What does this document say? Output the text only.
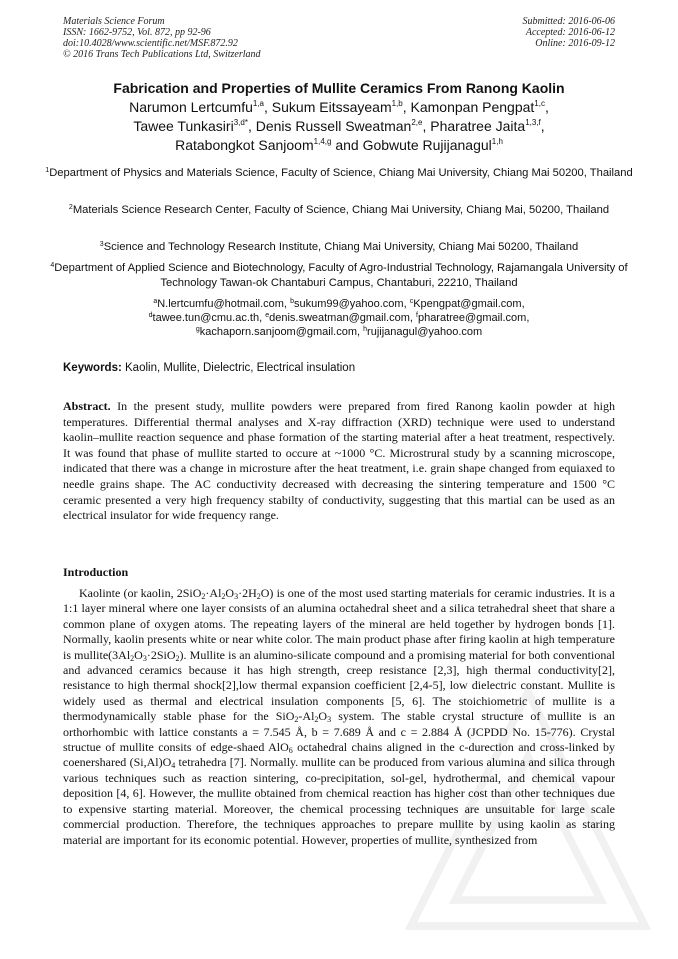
Materials Science Forum
ISSN: 1662-9752, Vol. 872, pp 92-96
doi:10.4028/www.scientific.net/MSF.872.92
© 2016 Trans Tech Publications Ltd, Switzerland
Submitted: 2016-06-06
Accepted: 2016-06-12
Online: 2016-09-12
Fabrication and Properties of Mullite Ceramics From Ranong Kaolin
Narumon Lertcumfu$^{1,a}$, Sukum Eitssayeam$^{1,b}$, Kamonpan Pengpat$^{1,c}$,
Tawee Tunkasiri$^{3,d*}$, Denis Russell Sweatman$^{2,e}$, Pharatree Jaita$^{1,3,f}$,
Ratabongkot Sanjoom$^{1,4,g}$ and Gobwute Rujijanagul$^{1,h}$
$^1$Department of Physics and Materials Science, Faculty of Science, Chiang Mai University, Chiang Mai 50200, Thailand
$^2$Materials Science Research Center, Faculty of Science, Chiang Mai University, Chiang Mai, 50200, Thailand
$^3$Science and Technology Research Institute, Chiang Mai University, Chiang Mai 50200, Thailand
$^4$Department of Applied Science and Biotechnology, Faculty of Agro-Industrial Technology, Rajamangala University of Technology Tawan-ok Chantaburi Campus, Chantaburi, 22210, Thailand
$^a$N.lertcumfu@hotmail.com, $^b$sukum99@yahoo.com, $^c$Kpengpat@gmail.com,
$^d$tawee.tun@cmu.ac.th, $^e$denis.sweatman@gmail.com, $^f$pharatree@gmail.com,
$^g$kachaporn.sanjoom@gmail.com, $^h$rujijanagul@yahoo.com
Keywords: Kaolin, Mullite, Dielectric, Electrical insulation
Abstract. In the present study, mullite powders were prepared from fired Ranong kaolin powder at high temperatures. Differential thermal analyses and X-ray diffraction (XRD) technique were used to understand kaolin–mullite reaction sequence and phase formation of the starting material after a heat treatment, respectively. It was found that phase of mullite started to occure at ~1000 °C. Microstrural study by a scanning microscope, indicated that there was a change in microsture after the heat treatment, i.e. grain shape changed from equiaxed to needle grains shape. The AC conductivity decreased with decreasing the sintering temperature and 1500 °C ceramic presented a very high frequency stabilty of conductivity, suggesting that this martial can be used as an electrical insulator for wide frequency range.
Introduction
Kaolinte (or kaolin, $2SiO_2\cdot Al_2O_3\cdot 2H_2O$) is one of the most used starting materials for ceramic industries. It is a 1:1 layer mineral where one layer consists of an alumina octahedral sheet and a silica tetrahedral sheet that share a common plane of oxygen atoms. The repeating layers of the mineral are held together by hydrogen bonds [1]. Normally, kaolin presents white or near white color. The main product phase after firing kaolin at high temperature is $mullite(3Al_2O_3\cdot 2SiO_2)$. Mullite is an alumino-silicate compound and a promising material for both conventional and advanced ceramics because it has high strength, creep resistance [2,3], high thermal conductivity[2], resistance to high thermal shock[2],low thermal expansion coefficient [2,4-5], low dielectric constant. Mullite is widely used as thermal and electrical insulation components [5, 6]. The stoichiometric of mullite is a thermodynamically stable phase for the $SiO_2-Al_2O_3$ system. The stable crystal structure of mullite is an orthorhombic with lattice constants a = 7.545 Å, b = 7.689 Å and c = 2.884 Å (JCPDD No. 15-776). Crystal structue of mullite consits of edge-shaed AlO$_6$ octahedral chains aligned in the c-durection and cross-linked by coenershared $(Si,Al)O_4$ tetrahedra [7]. Normally. mullite can be produced from various alumina and silica through various techniques such as reaction sintering, co-precipitation, sol-gel, hydrothermal, and chemical vapour deposition [4, 6]. However, the mullite obtained from chemical reaction has higher cost than other techniques due to expensive starting material. Moreover, the chemical processing techniques are unsuitable for large scale commercial production. Therefore, the techniques approaches to prepare mullite by using kaolin as staring material are important for its economic potential. However, properties of mullite, synthesized from
